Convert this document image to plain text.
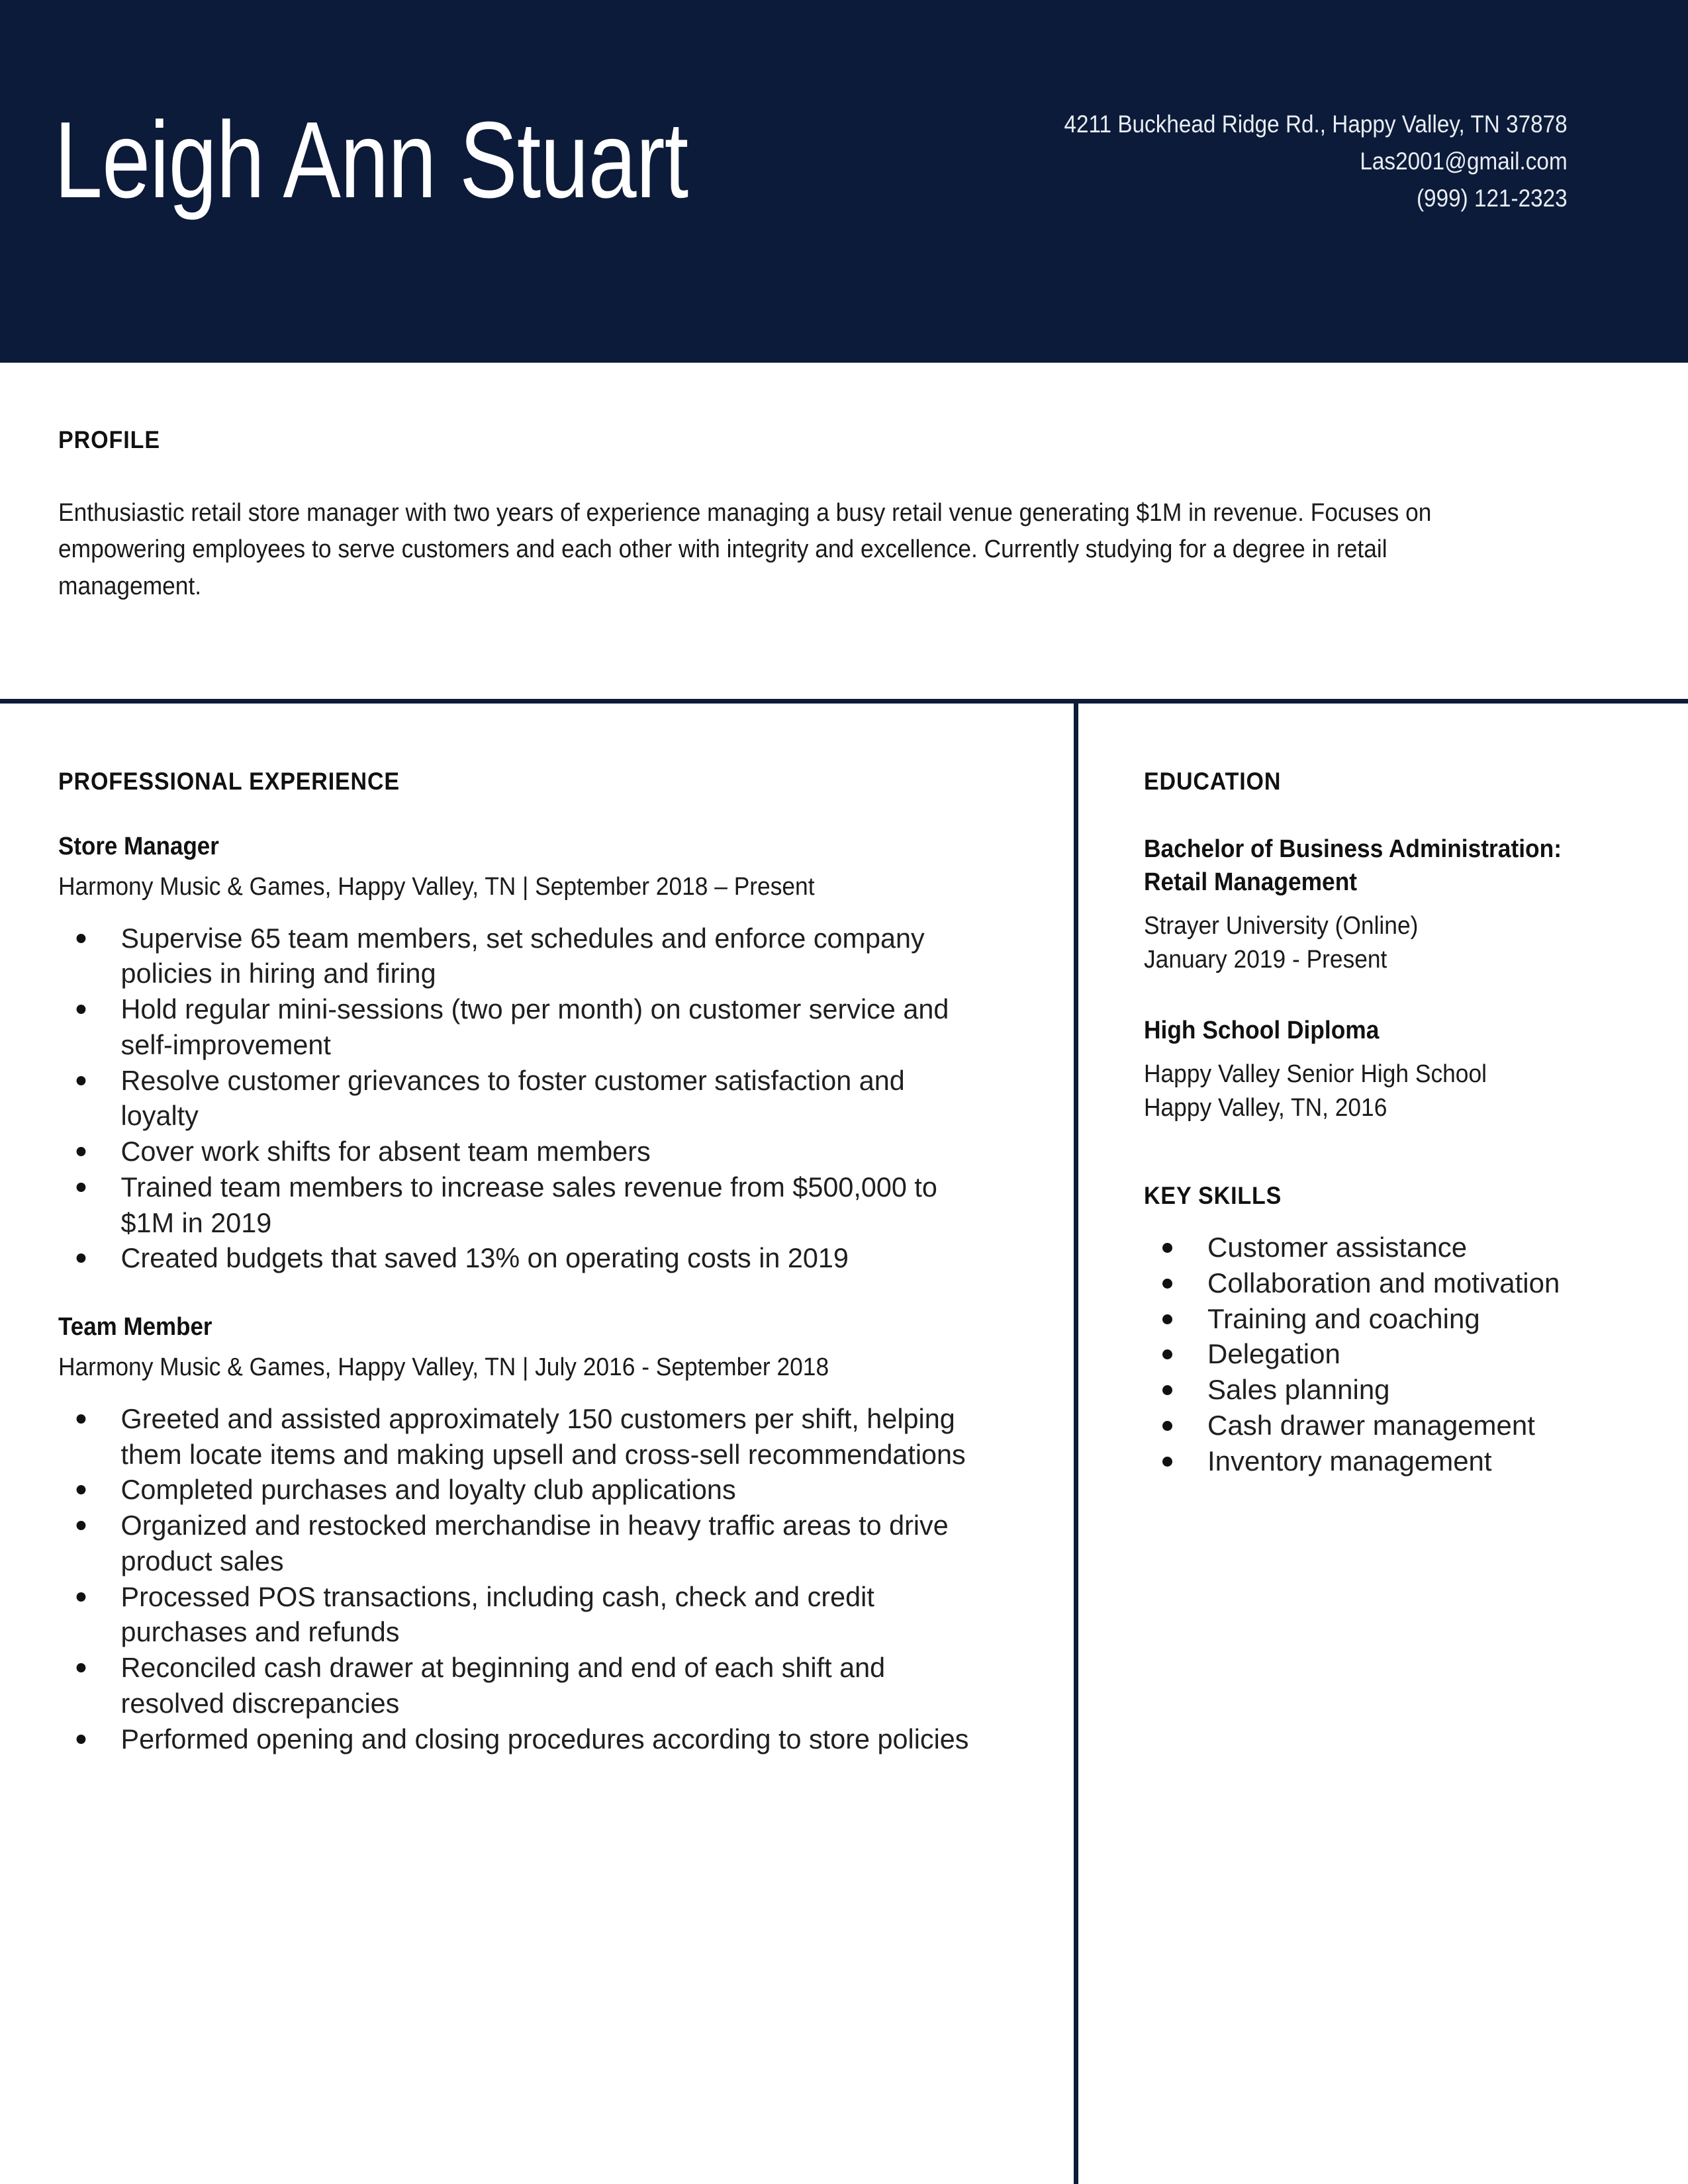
Leigh Ann Stuart	4211 Buckhead Ridge Rd., Happy Valley, TN 37878
Las2001@gmail.com
(999) 121-2323
PROFILE
Enthusiastic retail store manager with two years of experience managing a busy retail venue generating $1M in revenue. Focuses on empowering employees to serve customers and each other with integrity and excellence. Currently studying for a degree in retail management.
PROFESSIONAL EXPERIENCE
Store Manager
Harmony Music & Games, Happy Valley, TN | September 2018 – Present
Supervise 65 team members, set schedules and enforce company policies in hiring and firing
Hold regular mini-sessions (two per month) on customer service and self-improvement
Resolve customer grievances to foster customer satisfaction and loyalty
Cover work shifts for absent team members
Trained team members to increase sales revenue from $500,000 to $1M in 2019
Created budgets that saved 13% on operating costs in 2019
Team Member
Harmony Music & Games, Happy Valley, TN | July 2016 - September 2018
Greeted and assisted approximately 150 customers per shift, helping them locate items and making upsell and cross-sell recommendations
Completed purchases and loyalty club applications
Organized and restocked merchandise in heavy traffic areas to drive product sales
Processed POS transactions, including cash, check and credit purchases and refunds
Reconciled cash drawer at beginning and end of each shift and resolved discrepancies
Performed opening and closing procedures according to store policies
EDUCATION
Bachelor of Business Administration: Retail Management
Strayer University (Online)
January 2019 - Present
High School Diploma
Happy Valley Senior High School
Happy Valley, TN, 2016
KEY SKILLS
Customer assistance
Collaboration and motivation
Training and coaching
Delegation
Sales planning
Cash drawer management
Inventory management
